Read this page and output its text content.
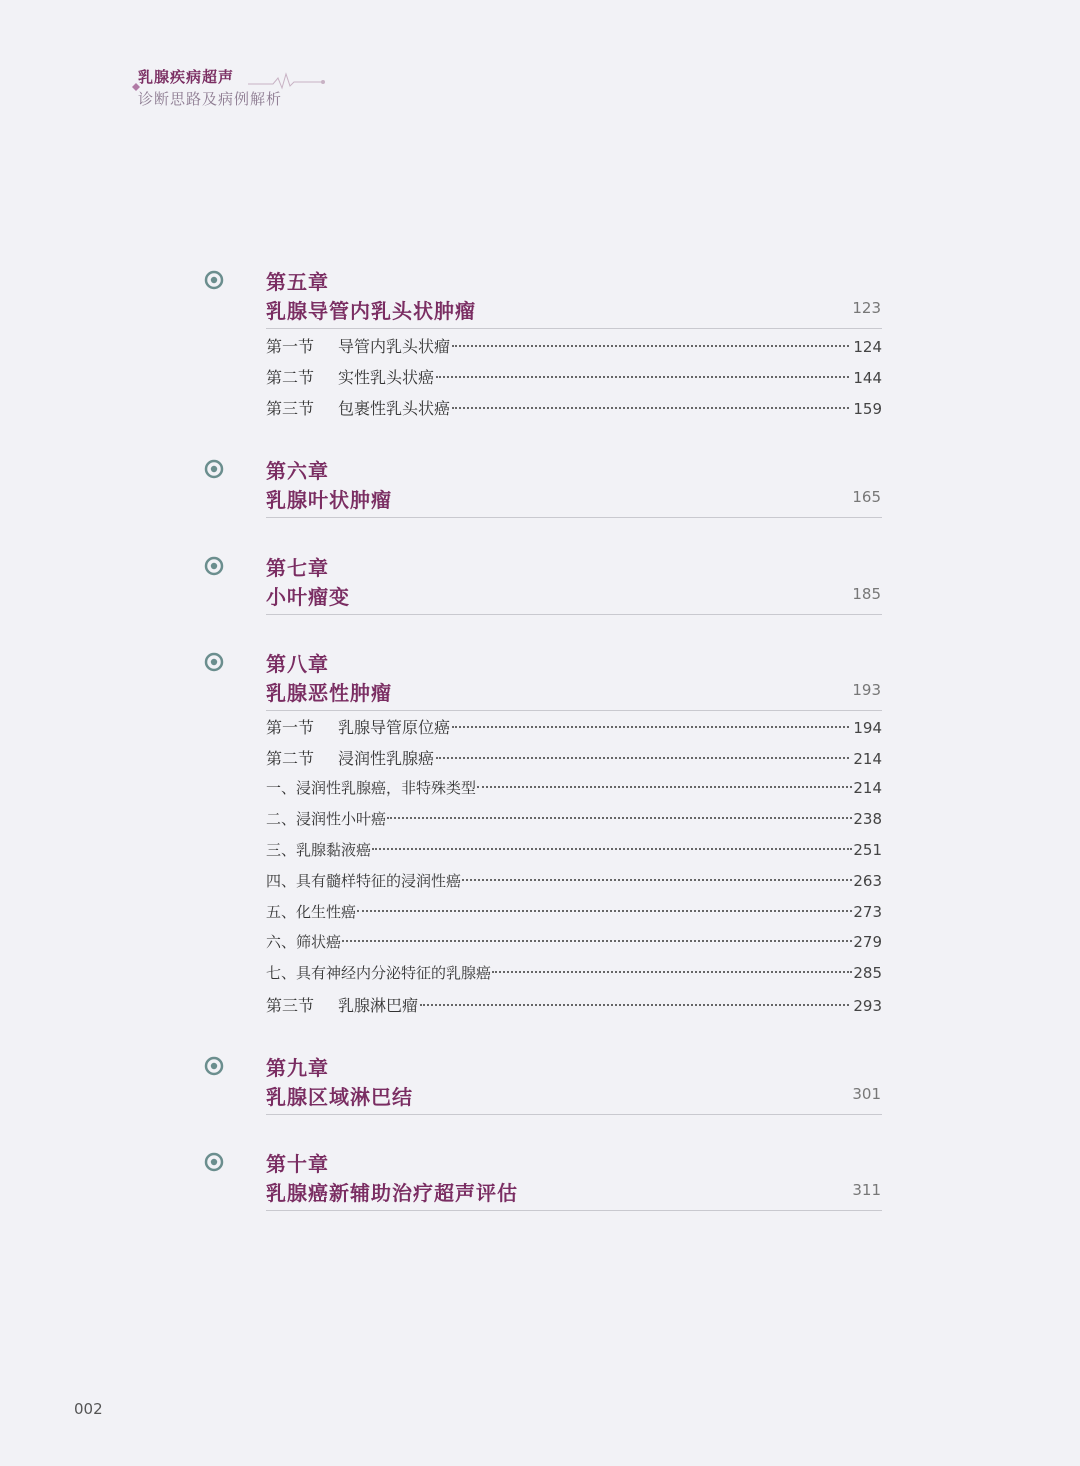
乳腺疾病超声
诊断思路及病例解析
第五章
乳腺导管内乳头状肿瘤	123
第一节	导管内乳头状瘤	124
第二节	实性乳头状癌	144
第三节	包裹性乳头状癌	159
第六章
乳腺叶状肿瘤	165
第七章
小叶瘤变	185
第八章
乳腺恶性肿瘤	193
第一节	乳腺导管原位癌	194
第二节	浸润性乳腺癌	214
一、浸润性乳腺癌，非特殊类型	214
二、浸润性小叶癌	238
三、乳腺黏液癌	251
四、具有髓样特征的浸润性癌	263
五、化生性癌	273
六、筛状癌	279
七、具有神经内分泌特征的乳腺癌	285
第三节	乳腺淋巴瘤	293
第九章
乳腺区域淋巴结	301
第十章
乳腺癌新辅助治疗超声评估	311
002
